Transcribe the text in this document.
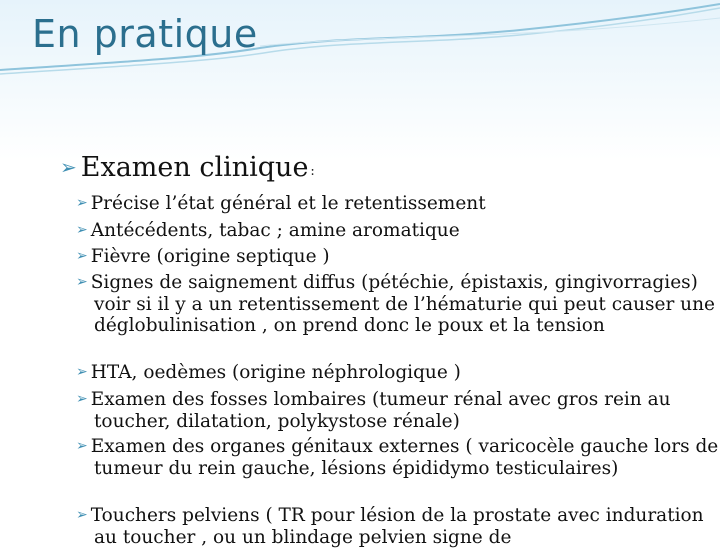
En pratique
➢ Examen clinique :
➢ Précise l’état général et le retentissement
➢ Antécédents, tabac ; amine aromatique
➢ Fièvre (origine septique )
➢ Signes de saignement diffus (pétéchie, épistaxis, gingivorragies) voir si il y a un retentissement de l’hématurie qui peut causer une déglobulinisation , on prend donc le poux et la tension
➢ HTA, oedèmes (origine néphrologique )
➢ Examen des fosses lombaires (tumeur rénal avec gros rein au toucher, dilatation, polykystose rénale)
➢ Examen des organes génitaux externes ( varicocèle gauche lors de tumeur du rein gauche, lésions épididymo testiculaires)
➢ Touchers pelviens ( TR pour lésion de la prostate avec induration au toucher , ou un blindage pelvien signe de
